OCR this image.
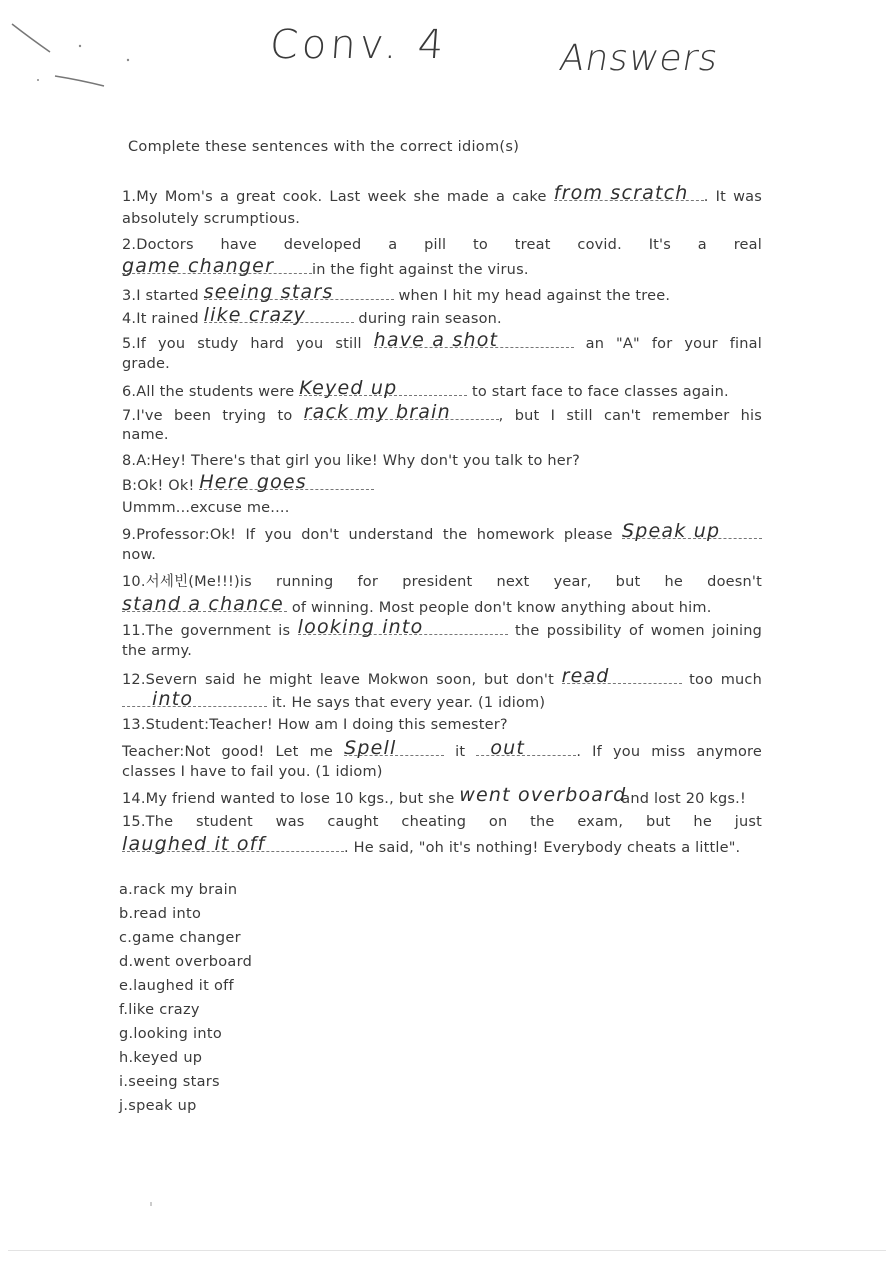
Conv. 4	Answers
Complete these sentences with the correct idiom(s)
1.My Mom's a great cook. Last week she made a cake from scratch . It was
absolutely scrumptious.
2.Doctors have developed a pill to treat covid. It's a real
game changer	in the fight against the virus.
3.I started seeing stars	when I hit my head against the tree.
4.It rained like crazy	during rain season.
5.If you study hard you still have a shot	an "A" for your final
grade.
6.All the students were Keyed up	to start face to face classes again.
7.I've been trying to rack my brain	, but I still can't remember his
name.
8.A:Hey! There's that girl you like! Why don't you talk to her?
B:Ok! Ok! Here goes
Ummm...excuse me....
9.Professor:Ok! If you don't understand the homework please Speak up
now.
10.서세빈(Me!!!)is running for president next year, but he doesn't
stand a chance of winning. Most people don't know anything about him.
11.The government is looking into	the possibility of women joining
the army.
12.Severn said he might leave Mokwon soon, but don't read	too much
into	it. He says that every year. (1 idiom)
13.Student:Teacher! How am I doing this semester?
Teacher:Not good! Let me Spell	it out	. If you miss anymore
classes I have to fail you. (1 idiom)
14.My friend wanted to lose 10 kgs., but she went overboard
and lost 20 kgs.!
15.The student was caught cheating on the exam, but he just
laughed it off	. He said, "oh it's nothing! Everybody cheats a little".
a.rack my brain
b.read into
c.game changer
d.went overboard
e.laughed it off
f.like crazy
g.looking into
h.keyed up
i.seeing stars
j.speak up
